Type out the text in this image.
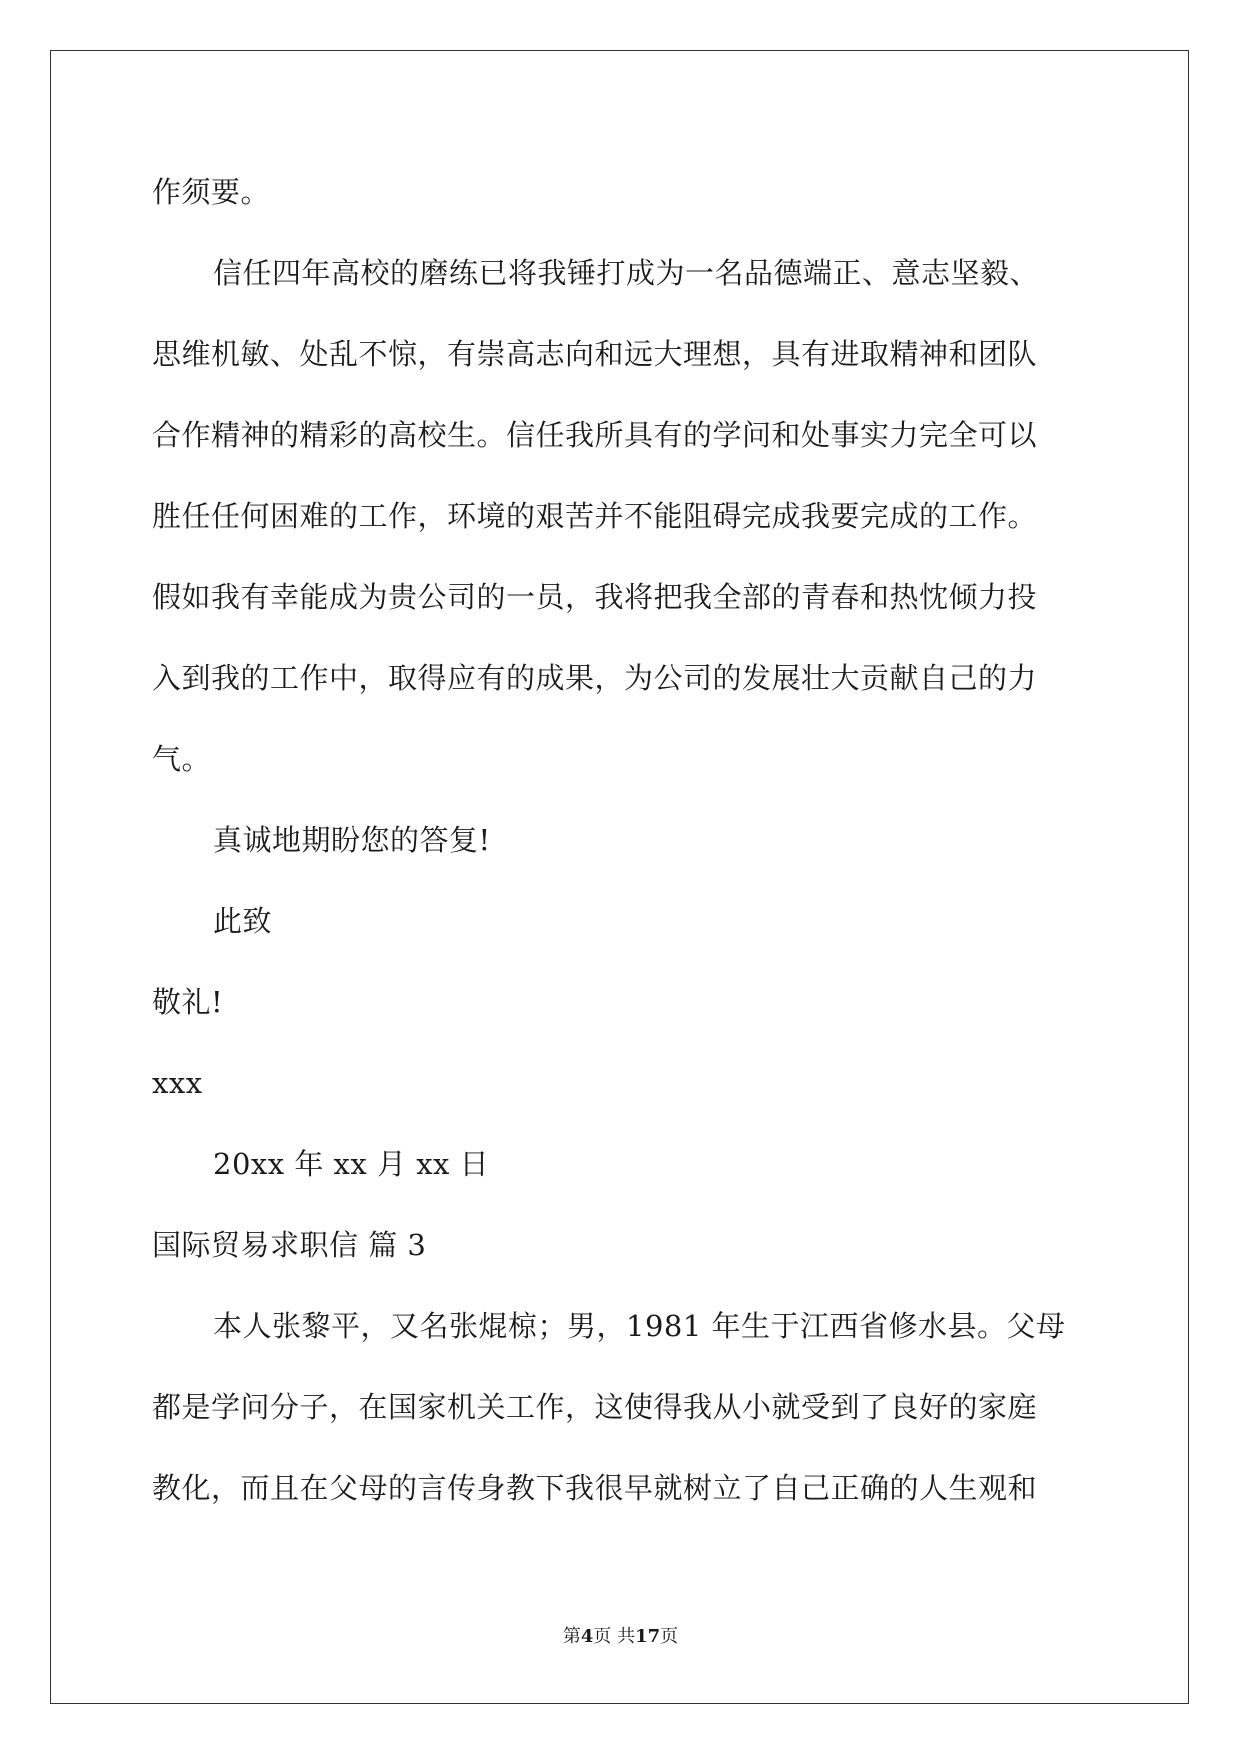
作须要。
信任四年高校的磨练已将我锤打成为一名品德端正、意志坚毅、
思维机敏、处乱不惊，有崇高志向和远大理想，具有进取精神和团队
合作精神的精彩的高校生。信任我所具有的学问和处事实力完全可以
胜任任何困难的工作，环境的艰苦并不能阻碍完成我要完成的工作。
假如我有幸能成为贵公司的一员，我将把我全部的青春和热忱倾力投
入到我的工作中，取得应有的成果，为公司的发展壮大贡献自己的力
气。
真诚地期盼您的答复!
此致
敬礼!
xxx
20xx 年 xx 月 xx 日
国际贸易求职信 篇 3
本人张黎平，又名张焜椋；男，1981 年生于江西省修水县。父母
都是学问分子，在国家机关工作，这使得我从小就受到了良好的家庭
教化，而且在父母的言传身教下我很早就树立了自己正确的人生观和
第4页 共17页
